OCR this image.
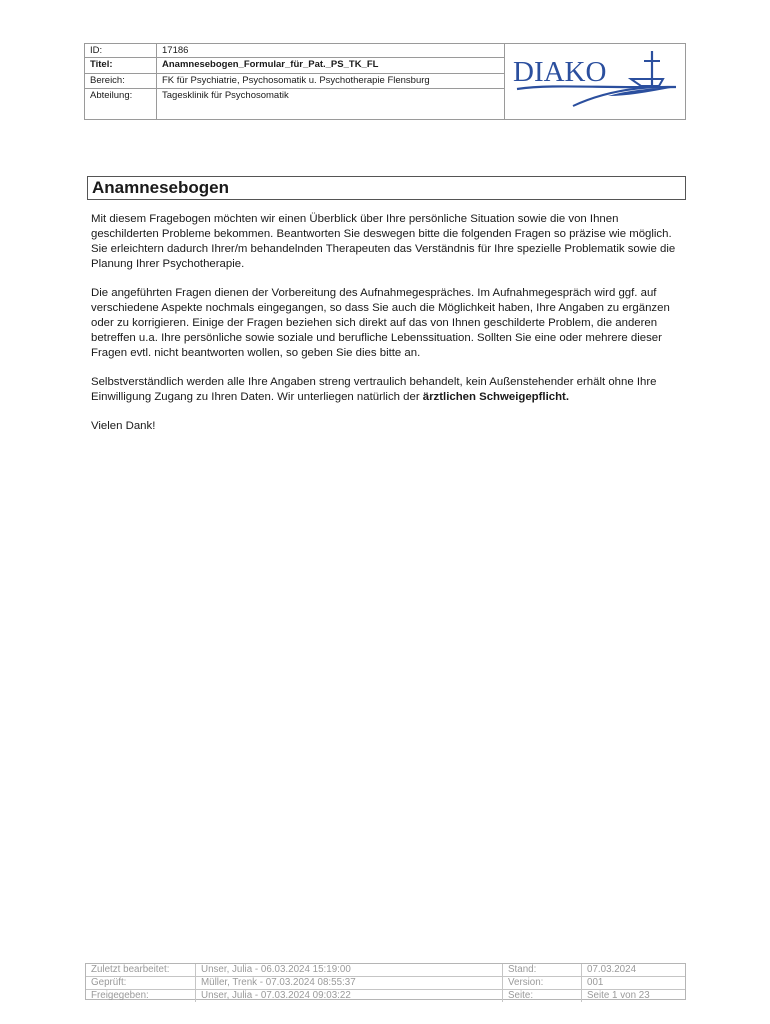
ID:	17186
Titel:	Anamnesebogen_Formular_für_Pat._PS_TK_FL
Bereich:	FK für Psychiatrie, Psychosomatik u. Psychotherapie Flensburg
Abteilung:	Tagesklinik für Psychosomatik
DIAKO
Anamnesebogen

Mit diesem Fragebogen möchten wir einen Überblick über Ihre persönliche Situation sowie die von Ihnen geschilderten Probleme bekommen. Beantworten Sie deswegen bitte die folgenden Fragen so präzise wie möglich. Sie erleichtern dadurch Ihrer/m behandelnden Therapeuten das Verständnis für Ihre spezielle Problematik sowie die Planung Ihrer Psychotherapie.

Die angeführten Fragen dienen der Vorbereitung des Aufnahmegespräches. Im Aufnahmegespräch wird ggf. auf verschiedene Aspekte nochmals eingegangen, so dass Sie auch die Möglichkeit haben, Ihre Angaben zu ergänzen oder zu korrigieren. Einige der Fragen beziehen sich direkt auf das von Ihnen geschilderte Problem, die anderen betreffen u.a. Ihre persönliche sowie soziale und berufliche Lebenssituation. Sollten Sie eine oder mehrere dieser Fragen evtl. nicht beantworten wollen, so geben Sie dies bitte an.

Selbstverständlich werden alle Ihre Angaben streng vertraulich behandelt, kein Außenstehender erhält ohne Ihre Einwilligung Zugang zu Ihren Daten. Wir unterliegen natürlich der ärztlichen Schweigepflicht.

Vielen Dank!

Zuletzt bearbeitet:	Unser, Julia - 06.03.2024 15:19:00	Stand:	07.03.2024
Geprüft:	Müller, Trenk - 07.03.2024 08:55:37	Version:	001
Freigegeben:	Unser, Julia - 07.03.2024 09:03:22	Seite:	Seite 1 von 23
